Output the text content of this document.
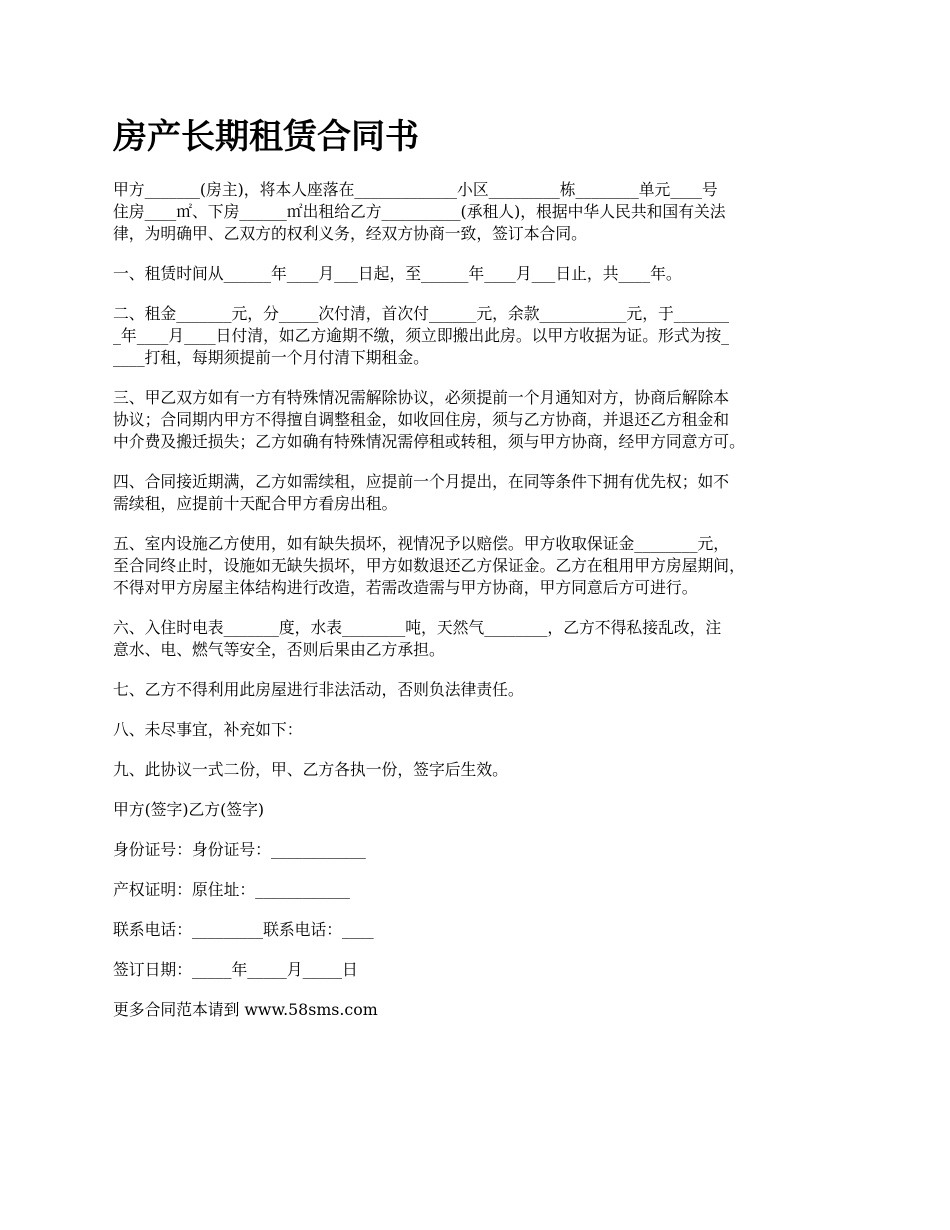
房产长期租赁合同书

甲方_______(房主)，将本人座落在_____________小区_________栋________单元____号
住房____㎡、下房______㎡出租给乙方__________(承租人)，根据中华人民共和国有关法
律，为明确甲、乙双方的权利义务，经双方协商一致，签订本合同。

一、租赁时间从______年____月___日起，至______年____月___日止，共____年。

二、租金_______元，分_____次付清，首次付______元，余款___________元，于_______
_年____月____日付清，如乙方逾期不缴，须立即搬出此房。以甲方收据为证。形式为按_
____打租，每期须提前一个月付清下期租金。

三、甲乙双方如有一方有特殊情况需解除协议，必须提前一个月通知对方，协商后解除本
协议；合同期内甲方不得擅自调整租金，如收回住房，须与乙方协商，并退还乙方租金和
中介费及搬迁损失；乙方如确有特殊情况需停租或转租，须与甲方协商，经甲方同意方可。

四、合同接近期满，乙方如需续租，应提前一个月提出，在同等条件下拥有优先权；如不
需续租，应提前十天配合甲方看房出租。

五、室内设施乙方使用，如有缺失损坏，视情况予以赔偿。甲方收取保证金________元，
至合同终止时，设施如无缺失损坏，甲方如数退还乙方保证金。乙方在租用甲方房屋期间，
不得对甲方房屋主体结构进行改造，若需改造需与甲方协商，甲方同意后方可进行。

六、入住时电表_______度，水表________吨，天然气________，乙方不得私接乱改，注
意水、电、燃气等安全，否则后果由乙方承担。

七、乙方不得利用此房屋进行非法活动，否则负法律责任。

八、未尽事宜，补充如下：

九、此协议一式二份，甲、乙方各执一份，签字后生效。

甲方(签字)乙方(签字)

身份证号：身份证号：____________

产权证明：原住址：____________

联系电话：_________联系电话：____

签订日期：_____年_____月_____日

更多合同范本请到 www.58sms.com
